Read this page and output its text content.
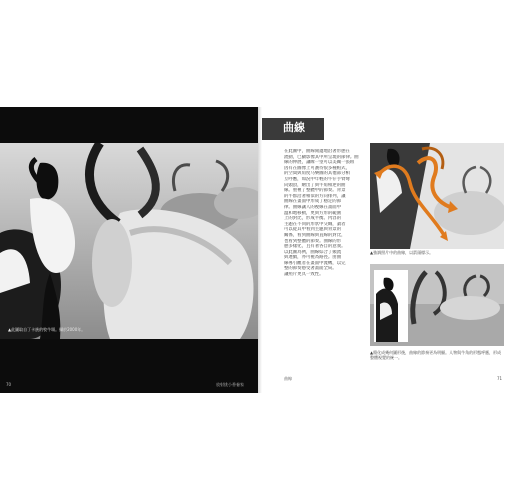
▲此圖取自丁卡族的牧牛場。攝於2000年。
70	放射挑小香養家
曲線
在此圖中，曲線閒邊地沿著形態在
流動，已顯影像其中所呈現的節律。曲
線的伸展，讓瞭一望可以美關一張組
因有在圖像上可護待很多種帕式，
的空間與角度马樂圖的其他部分相
互呼應，如況中年輕的牛仔手臂彎
向頭頂，繪出了與牛角相逆的曲
線。重複了整體中的節奏。背景
的牛群沿著相似的方向排列，讓
曲線在畫面中形成了穩定的節
律。曲線讓人的視線在畫面中
溫和地移動，更與方形的範圍
上的對比，形成平衡。內容的
主題在不同的形狀中交織，讀者
可以從其中看到主題與背景的
關係，看到曲線與直線的對比，
也看到整體的節奏。曲線的形
態多樣化，且有著各自的意義。
以此圖為例，曲線綜合了頻流
與連續，亦可視為路徑。由曲
線導引觀者在畫面中流轉，以完
整的節奏感受著畫面全局。
讓照片更具一致性。
▲強調照片中的曲線，以箭頭標示。
▲簡化成幾何圖形後，曲線的節奏更為明顯。人物與牛角的形態呼應，形成整體視覺的統一。
曲線	71
